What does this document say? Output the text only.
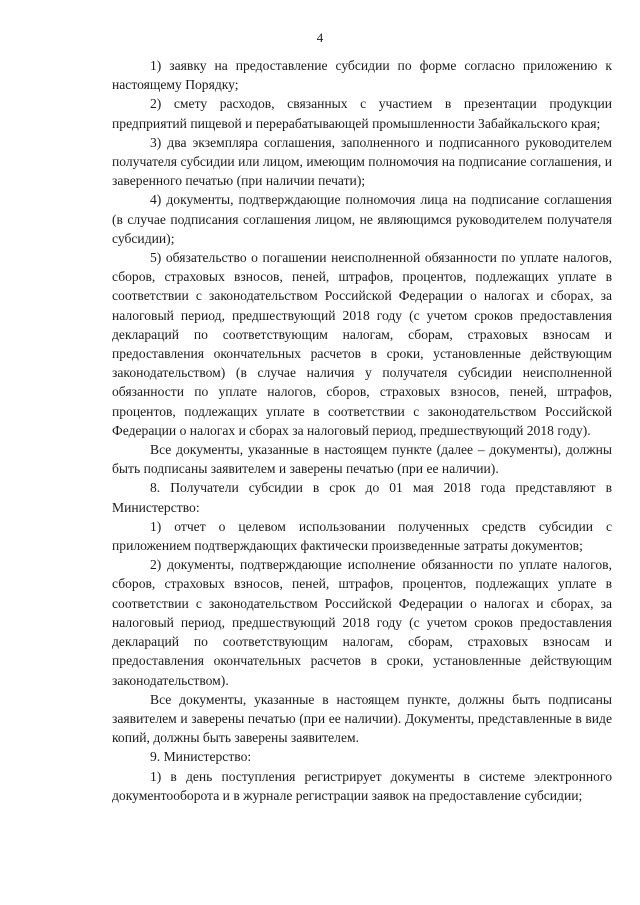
4

1) заявку на предоставление субсидии по форме согласно приложению к настоящему Порядку;

2) смету расходов, связанных с участием в презентации продукции предприятий пищевой и перерабатывающей промышленности Забайкальского края;

3) два экземпляра соглашения, заполненного и подписанного руководителем получателя субсидии или лицом, имеющим полномочия на подписание соглашения, и заверенного печатью (при наличии печати);

4) документы, подтверждающие полномочия лица на подписание соглашения (в случае подписания соглашения лицом, не являющимся руководителем получателя субсидии);

5) обязательство о погашении неисполненной обязанности по уплате налогов, сборов, страховых взносов, пеней, штрафов, процентов, подлежащих уплате в соответствии с законодательством Российской Федерации о налогах и сборах, за налоговый период, предшествующий 2018 году (с учетом сроков предоставления деклараций по соответствующим налогам, сборам, страховых взносам и предоставления окончательных расчетов в сроки, установленные действующим законодательством) (в случае наличия у получателя субсидии неисполненной обязанности по уплате налогов, сборов, страховых взносов, пеней, штрафов, процентов, подлежащих уплате в соответствии с законодательством Российской Федерации о налогах и сборах за налоговый период, предшествующий 2018 году).

Все документы, указанные в настоящем пункте (далее – документы), должны быть подписаны заявителем и заверены печатью (при ее наличии).

8. Получатели субсидии в срок до 01 мая 2018 года представляют в Министерство:

1) отчет о целевом использовании полученных средств субсидии с приложением подтверждающих фактически произведенные затраты документов;

2) документы, подтверждающие исполнение обязанности по уплате налогов, сборов, страховых взносов, пеней, штрафов, процентов, подлежащих уплате в соответствии с законодательством Российской Федерации о налогах и сборах, за налоговый период, предшествующий 2018 году (с учетом сроков предоставления деклараций по соответствующим налогам, сборам, страховых взносам и предоставления окончательных расчетов в сроки, установленные действующим законодательством).

Все документы, указанные в настоящем пункте, должны быть подписаны заявителем и заверены печатью (при ее наличии). Документы, представленные в виде копий, должны быть заверены заявителем.

9. Министерство:

1) в день поступления регистрирует документы в системе электронного документооборота и в журнале регистрации заявок на предоставление субсидии;
